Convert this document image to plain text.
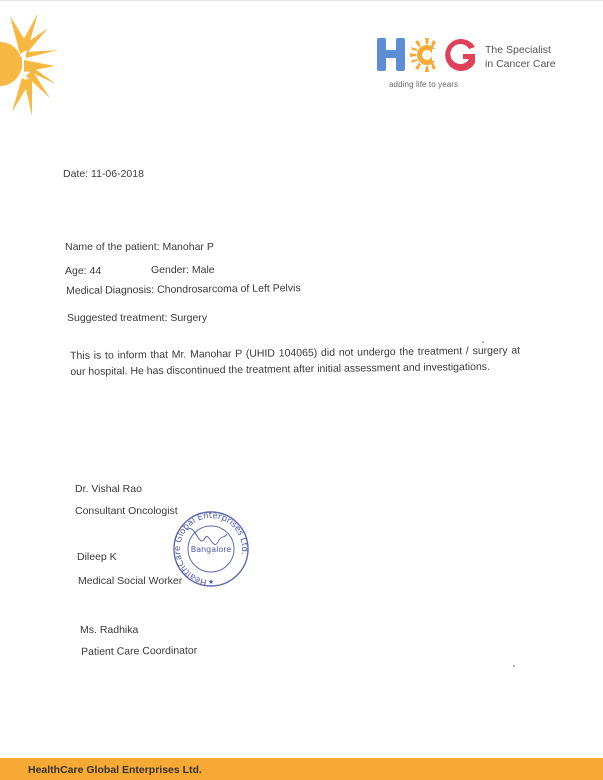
adding life to years
The Specialist
in Cancer Care
Date: 11-06-2018
Name of the patient: Manohar P
Age: 44	Gender: Male
Medical Diagnosis: Chondrosarcoma of Left Pelvis
Suggested treatment: Surgery
This is to inform that Mr. Manohar P (UHID 104065) did not undergo the treatment / surgery at our hospital. He has discontinued the treatment after initial assessment and investigations.
Dr. Vishal Rao
Consultant Oncologist
Dileep K
Medical Social Worker
Ms. Radhika
Patient Care Coordinator
HealthCare Global Enterprises Ltd.
Bangalore
★
HealthCare Global Enterprises Ltd.
